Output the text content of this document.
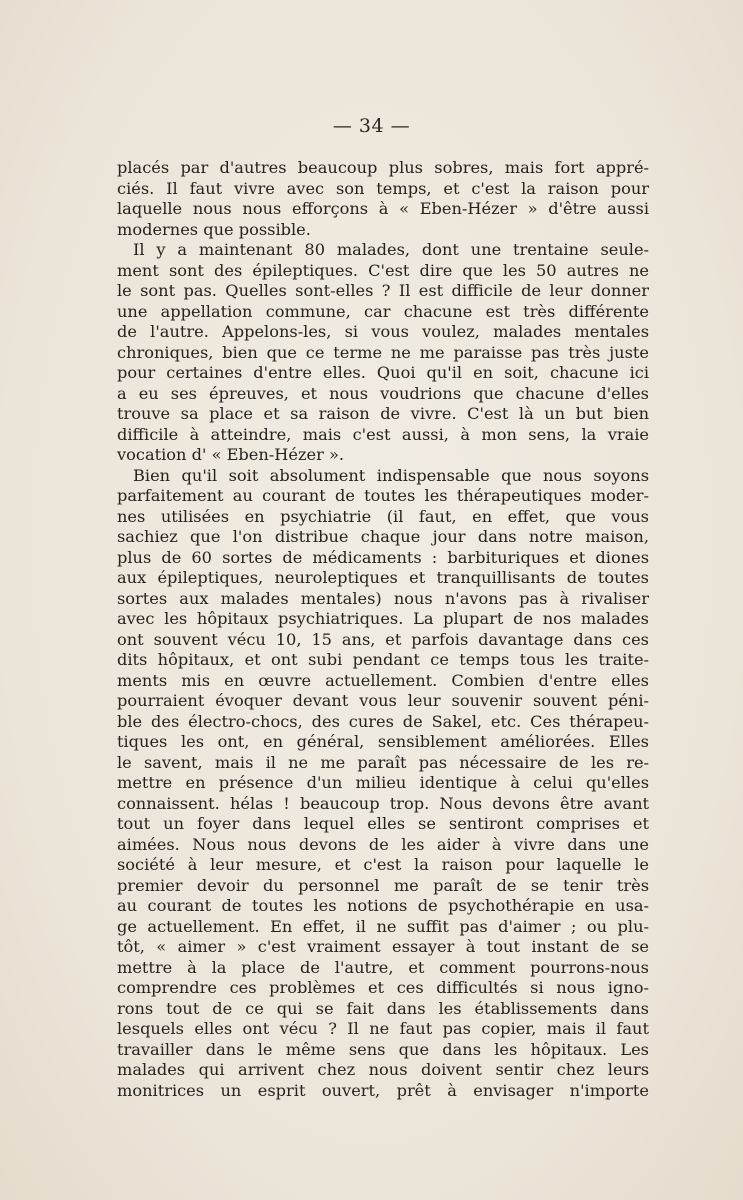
— 34 —
placés par d'autres beaucoup plus sobres, mais fort appré-
ciés. Il faut vivre avec son temps, et c'est la raison pour
laquelle nous nous efforçons à « Eben-Hézer » d'être aussi
modernes que possible.
Il y a maintenant 80 malades, dont une trentaine seule-
ment sont des épileptiques. C'est dire que les 50 autres ne
le sont pas. Quelles sont-elles ? Il est difficile de leur donner
une appellation commune, car chacune est très différente
de l'autre. Appelons-les, si vous voulez, malades mentales
chroniques, bien que ce terme ne me paraisse pas très juste
pour certaines d'entre elles. Quoi qu'il en soit, chacune ici
a eu ses épreuves, et nous voudrions que chacune d'elles
trouve sa place et sa raison de vivre. C'est là un but bien
difficile à atteindre, mais c'est aussi, à mon sens, la vraie
vocation d' « Eben-Hézer ».
Bien qu'il soit absolument indispensable que nous soyons
parfaitement au courant de toutes les thérapeutiques moder-
nes utilisées en psychiatrie (il faut, en effet, que vous
sachiez que l'on distribue chaque jour dans notre maison,
plus de 60 sortes de médicaments : barbituriques et diones
aux épileptiques, neuroleptiques et tranquillisants de toutes
sortes aux malades mentales) nous n'avons pas à rivaliser
avec les hôpitaux psychiatriques. La plupart de nos malades
ont souvent vécu 10, 15 ans, et parfois davantage dans ces
dits hôpitaux, et ont subi pendant ce temps tous les traite-
ments mis en œuvre actuellement. Combien d'entre elles
pourraient évoquer devant vous leur souvenir souvent péni-
ble des électro-chocs, des cures de Sakel, etc. Ces thérapeu-
tiques les ont, en général, sensiblement améliorées. Elles
le savent, mais il ne me paraît pas nécessaire de les re-
mettre en présence d'un milieu identique à celui qu'elles
connaissent. hélas ! beaucoup trop. Nous devons être avant
tout un foyer dans lequel elles se sentiront comprises et
aimées. Nous nous devons de les aider à vivre dans une
société à leur mesure, et c'est la raison pour laquelle le
premier devoir du personnel me paraît de se tenir très
au courant de toutes les notions de psychothérapie en usa-
ge actuellement. En effet, il ne suffit pas d'aimer ; ou plu-
tôt, « aimer » c'est vraiment essayer à tout instant de se
mettre à la place de l'autre, et comment pourrons-nous
comprendre ces problèmes et ces difficultés si nous igno-
rons tout de ce qui se fait dans les établissements dans
lesquels elles ont vécu ? Il ne faut pas copier, mais il faut
travailler dans le même sens que dans les hôpitaux. Les
malades qui arrivent chez nous doivent sentir chez leurs
monitrices un esprit ouvert, prêt à envisager n'importe
